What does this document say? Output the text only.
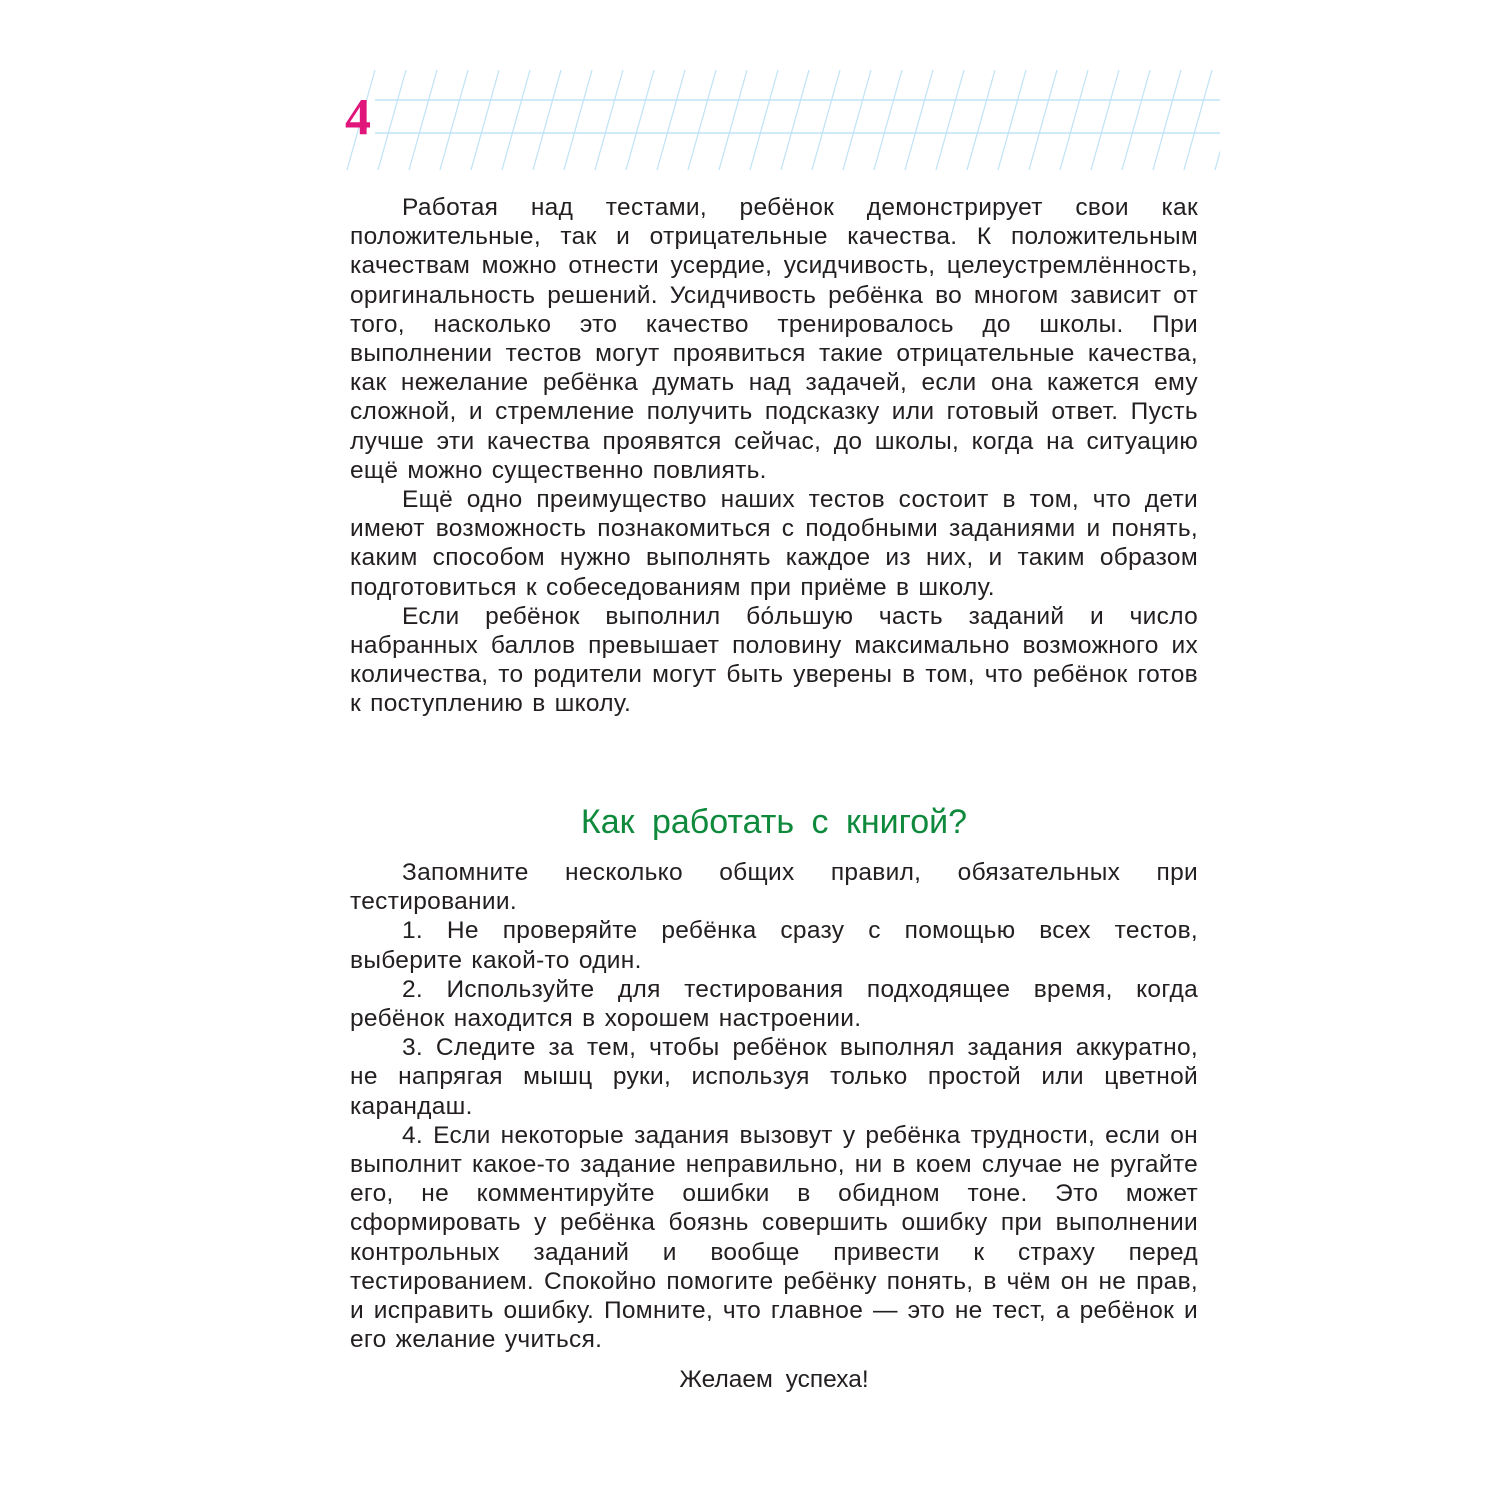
4

Работая над тестами, ребёнок демонстрирует свои как положительные, так и отрицательные качества. К положительным качествам можно отнести усердие, усидчивость, целеустремлённость, оригинальность решений. Усидчивость ребёнка во многом зависит от того, насколько это качество тренировалось до школы. При выполнении тестов могут проявиться такие отрицательные качества, как нежелание ребёнка думать над задачей, если она кажется ему сложной, и стремление получить подсказку или готовый ответ. Пусть лучше эти качества проявятся сейчас, до школы, когда на ситуацию ещё можно существенно повлиять.

Ещё одно преимущество наших тестов состоит в том, что дети имеют возможность познакомиться с подобными заданиями и понять, каким способом нужно выполнять каждое из них, и таким образом подготовиться к собеседованиям при приёме в школу.

Если ребёнок выполнил бо́льшую часть заданий и число набранных баллов превышает половину максимально возможного их количества, то родители могут быть уверены в том, что ребёнок готов к поступлению в школу.

Как работать с книгой?

Запомните несколько общих правил, обязательных при тестировании.

1. Не проверяйте ребёнка сразу с помощью всех тестов, выберите какой-то один.

2. Используйте для тестирования подходящее время, когда ребёнок находится в хорошем настроении.

3. Следите за тем, чтобы ребёнок выполнял задания аккуратно, не напрягая мышц руки, используя только простой или цветной карандаш.

4. Если некоторые задания вызовут у ребёнка трудности, если он выполнит какое-то задание неправильно, ни в коем случае не ругайте его, не комментируйте ошибки в обидном тоне. Это может сформировать у ребёнка боязнь совершить ошибку при выполнении контрольных заданий и вообще привести к страху перед тестированием. Спокойно помогите ребёнку понять, в чём он не прав, и исправить ошибку. Помните, что главное — это не тест, а ребёнок и его желание учиться.

Желаем успеха!
